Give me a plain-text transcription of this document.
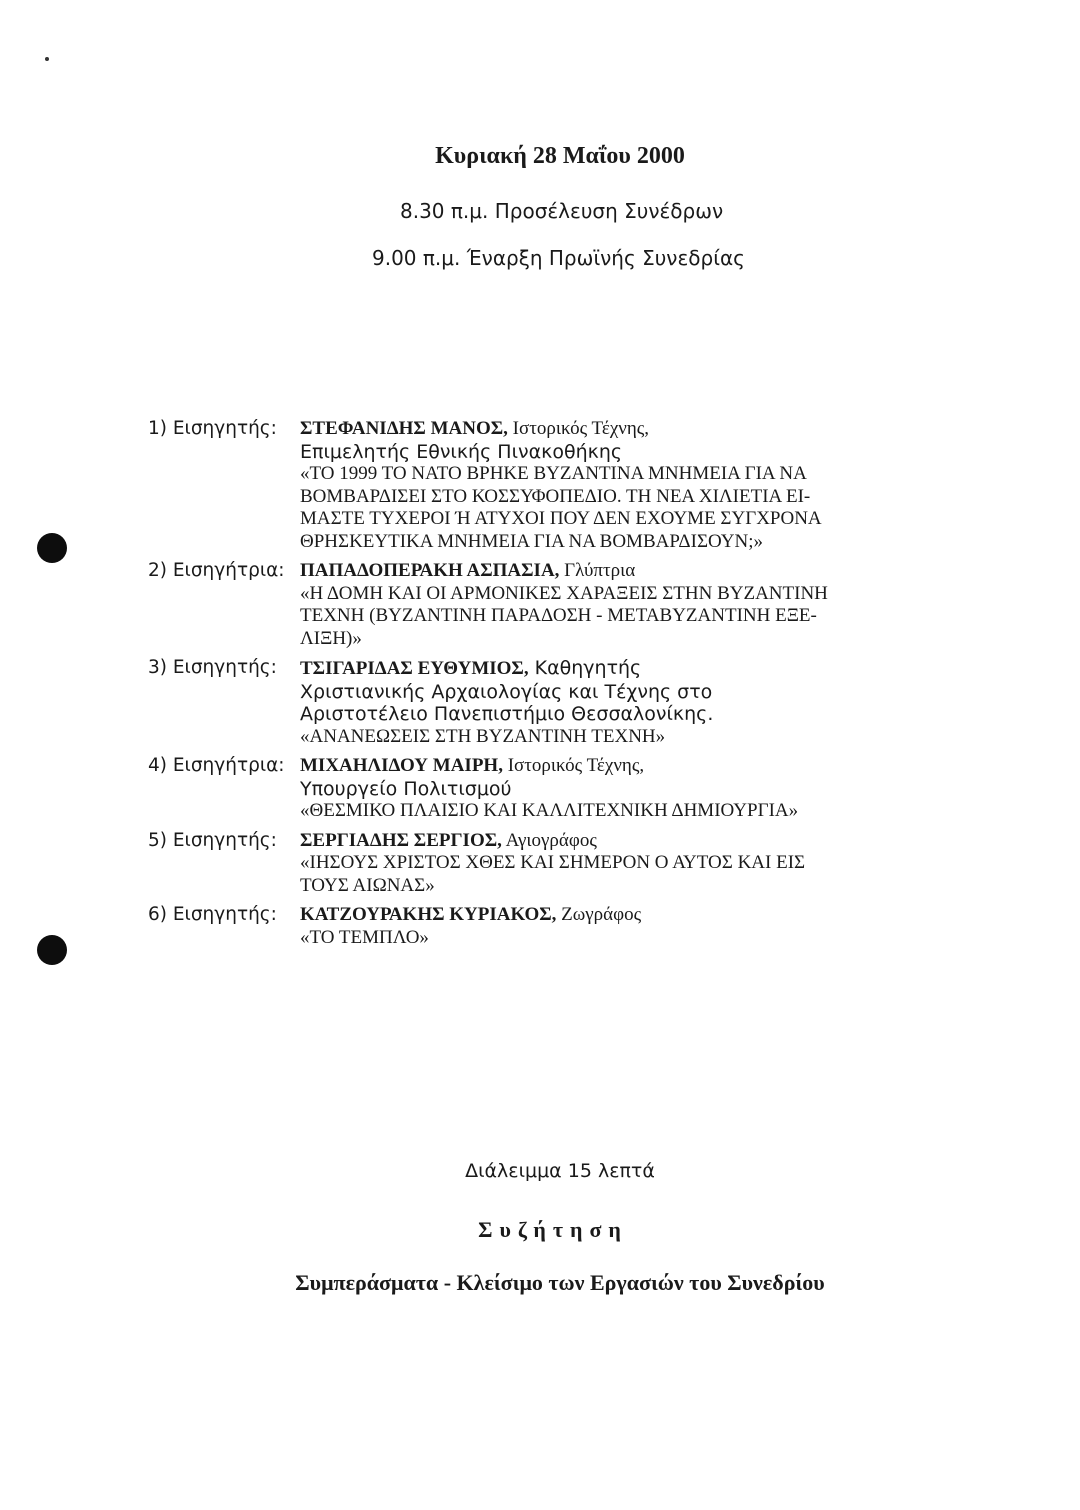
Κυριακή 28 Μαΐου 2000
8.30 π.μ. Προσέλευση Συνέδρων
9.00 π.μ. Έναρξη Πρωϊνής Συνεδρίας
1) Εισηγητής:	ΣΤΕΦΑΝΙΔΗΣ ΜΑΝΟΣ, Ιστορικός Τέχνης,
Επιμελητής Εθνικής Πινακοθήκης
«ΤΟ 1999 ΤΟ ΝΑΤΟ ΒΡΗΚΕ ΒΥΖΑΝΤΙΝΑ ΜΝΗΜΕΙΑ ΓΙΑ ΝΑ
ΒΟΜΒΑΡΔΙΣΕΙ ΣΤΟ ΚΟΣΣΥΦΟΠΕΔΙΟ. ΤΗ ΝΕΑ ΧΙΛΙΕΤΙΑ ΕΙ-
ΜΑΣΤΕ ΤΥΧΕΡΟΙ Ή ΑΤΥΧΟΙ ΠΟΥ ΔΕΝ ΕΧΟΥΜΕ ΣΥΓΧΡΟΝΑ
ΘΡΗΣΚΕΥΤΙΚΑ ΜΝΗΜΕΙΑ ΓΙΑ ΝΑ ΒΟΜΒΑΡΔΙΣΟΥΝ;»
2) Εισηγήτρια: ΠΑΠΑΔΟΠΕΡΑΚΗ ΑΣΠΑΣΙΑ, Γλύπτρια
«Η ΔΟΜΗ ΚΑΙ ΟΙ ΑΡΜΟΝΙΚΕΣ ΧΑΡΑΞΕΙΣ ΣΤΗΝ ΒΥΖΑΝΤΙΝΗ
ΤΕΧΝΗ (ΒΥΖΑΝΤΙΝΗ ΠΑΡΑΔΟΣΗ - ΜΕΤΑΒΥΖΑΝΤΙΝΗ ΕΞΕ-
ΛΙΞΗ)»
3) Εισηγητής:	ΤΣΙΓΑΡΙΔΑΣ ΕΥΘΥΜΙΟΣ, Καθηγητής
Χριστιανικής Αρχαιολογίας και Τέχνης στο
Αριστοτέλειο Πανεπιστήμιο Θεσσαλονίκης.
«ΑΝΑΝΕΩΣΕΙΣ ΣΤΗ ΒΥΖΑΝΤΙΝΗ ΤΕΧΝΗ»
4) Εισηγήτρια: ΜΙΧΑΗΛΙΔΟΥ ΜΑΙΡΗ, Ιστορικός Τέχνης,
Υπουργείο Πολιτισμού
«ΘΕΣΜΙΚΟ ΠΛΑΙΣΙΟ ΚΑΙ ΚΑΛΛΙΤΕΧΝΙΚΗ ΔΗΜΙΟΥΡΓΙΑ»
5) Εισηγητής:	ΣΕΡΓΙΑΔΗΣ ΣΕΡΓΙΟΣ, Αγιογράφος
«ΙΗΣΟΥΣ ΧΡΙΣΤΟΣ ΧΘΕΣ ΚΑΙ ΣΗΜΕΡΟΝ Ο ΑΥΤΟΣ ΚΑΙ ΕΙΣ
ΤΟΥΣ ΑΙΩΝΑΣ»
6) Εισηγητής:	ΚΑΤΖΟΥΡΑΚΗΣ ΚΥΡΙΑΚΟΣ, Ζωγράφος
«ΤΟ ΤΕΜΠΛΟ»
Διάλειμμα 15 λεπτά
Συζήτηση
Συμπεράσματα - Κλείσιμο των Εργασιών του Συνεδρίου
